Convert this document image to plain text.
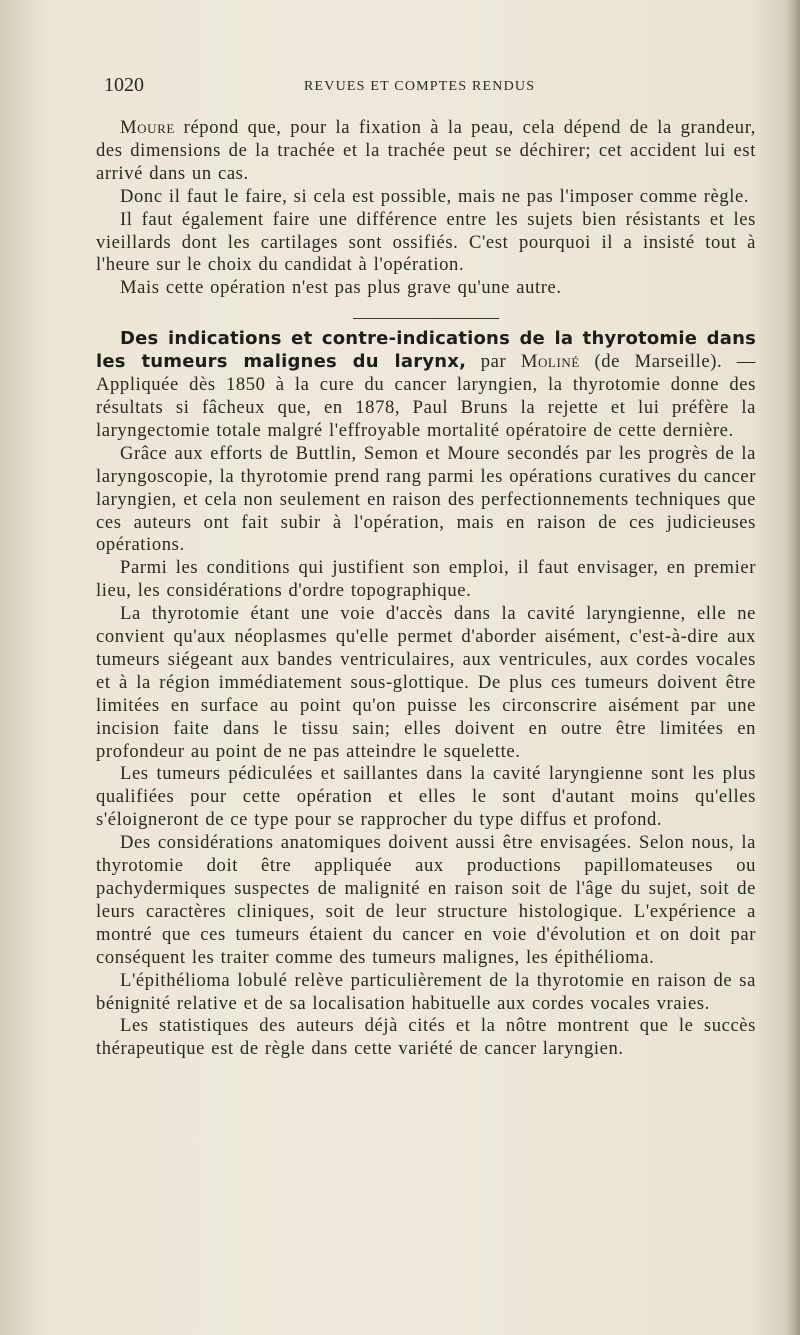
1020	REVUES ET COMPTES RENDUS

Moure répond que, pour la fixation à la peau, cela dépend de la grandeur, des dimensions de la trachée et la trachée peut se déchirer; cet accident lui est arrivé dans un cas.

Donc il faut le faire, si cela est possible, mais ne pas l'imposer comme règle.

Il faut également faire une différence entre les sujets bien résistants et les vieillards dont les cartilages sont ossifiés. C'est pourquoi il a insisté tout à l'heure sur le choix du candidat à l'opération.

Mais cette opération n'est pas plus grave qu'une autre.

Des indications et contre-indications de la thyrotomie dans les tumeurs malignes du larynx, par Moliné (de Marseille). — Appliquée dès 1850 à la cure du cancer laryngien, la thyrotomie donne des résultats si fâcheux que, en 1878, Paul Bruns la rejette et lui préfère la laryngectomie totale malgré l'effroyable mortalité opératoire de cette dernière.

Grâce aux efforts de Buttlin, Semon et Moure secondés par les progrès de la laryngoscopie, la thyrotomie prend rang parmi les opérations curatives du cancer laryngien, et cela non seulement en raison des perfectionnements techniques que ces auteurs ont fait subir à l'opération, mais en raison de ces judicieuses opérations.

Parmi les conditions qui justifient son emploi, il faut envisager, en premier lieu, les considérations d'ordre topographique.

La thyrotomie étant une voie d'accès dans la cavité laryngienne, elle ne convient qu'aux néoplasmes qu'elle permet d'aborder aisément, c'est-à-dire aux tumeurs siégeant aux bandes ventriculaires, aux ventricules, aux cordes vocales et à la région immédiatement sous-glottique. De plus ces tumeurs doivent être limitées en surface au point qu'on puisse les circonscrire aisément par une incision faite dans le tissu sain; elles doivent en outre être limitées en profondeur au point de ne pas atteindre le squelette.

Les tumeurs pédiculées et saillantes dans la cavité laryngienne sont les plus qualifiées pour cette opération et elles le sont d'autant moins qu'elles s'éloigneront de ce type pour se rapprocher du type diffus et profond.

Des considérations anatomiques doivent aussi être envisagées. Selon nous, la thyrotomie doit être appliquée aux productions papillomateuses ou pachydermiques suspectes de malignité en raison soit de l'âge du sujet, soit de leurs caractères cliniques, soit de leur structure histologique. L'expérience a montré que ces tumeurs étaient du cancer en voie d'évolution et on doit par conséquent les traiter comme des tumeurs malignes, les épithélioma.

L'épithélioma lobulé relève particulièrement de la thyrotomie en raison de sa bénignité relative et de sa localisation habituelle aux cordes vocales vraies.

Les statistiques des auteurs déjà cités et la nôtre montrent que le succès thérapeutique est de règle dans cette variété de cancer laryngien.
